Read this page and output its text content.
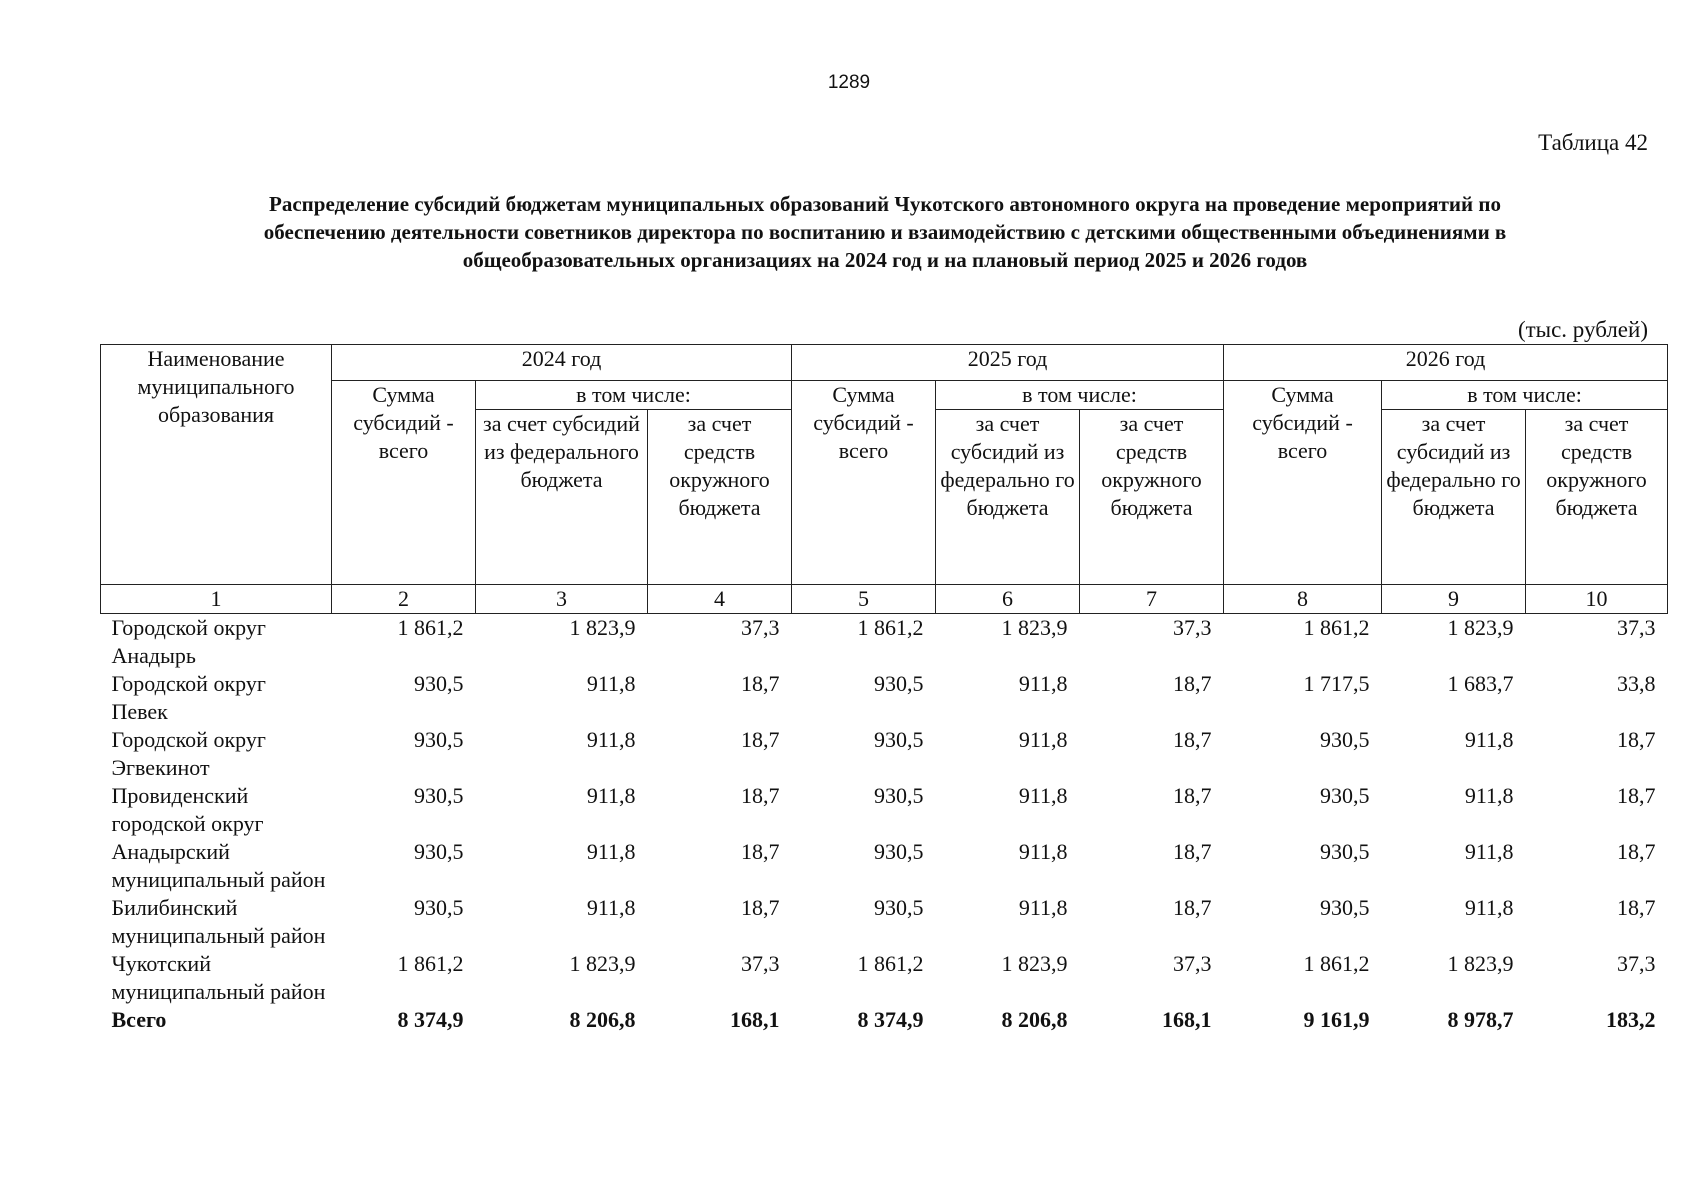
1289
Таблица 42
Распределение субсидий бюджетам муниципальных образований Чукотского автономного округа на проведение мероприятий по
обеспечению деятельности советников директора по воспитанию и взаимодействию с детскими общественными объединениями в
общеобразовательных организациях на 2024 год и на плановый период 2025 и 2026 годов
(тыс. рублей)
Наименование муниципального образования	2024 год			2025 год			2026 год		
	Сумма субсидий - всего	в том числе:		Сумма субсидий - всего	в том числе:		Сумма субсидий - всего	в том числе:	
		за счет субсидий из федерального бюджета	за счет средств окружного бюджета		за счет субсидий из федерально го бюджета	за счет средств окружного бюджета		за счет субсидий из федерально го бюджета	за счет средств окружного бюджета
1	2	3	4	5	6	7	8	9	10
Городской округ Анадырь	1 861,2	1 823,9	37,3	1 861,2	1 823,9	37,3	1 861,2	1 823,9	37,3
Городской округ Певек	930,5	911,8	18,7	930,5	911,8	18,7	1 717,5	1 683,7	33,8
Городской округ Эгвекинот	930,5	911,8	18,7	930,5	911,8	18,7	930,5	911,8	18,7
Провиденский городской округ	930,5	911,8	18,7	930,5	911,8	18,7	930,5	911,8	18,7
Анадырский муниципальный район	930,5	911,8	18,7	930,5	911,8	18,7	930,5	911,8	18,7
Билибинский муниципальный район	930,5	911,8	18,7	930,5	911,8	18,7	930,5	911,8	18,7
Чукотский муниципальный район	1 861,2	1 823,9	37,3	1 861,2	1 823,9	37,3	1 861,2	1 823,9	37,3
Всего	8 374,9	8 206,8	168,1	8 374,9	8 206,8	168,1	9 161,9	8 978,7	183,2
